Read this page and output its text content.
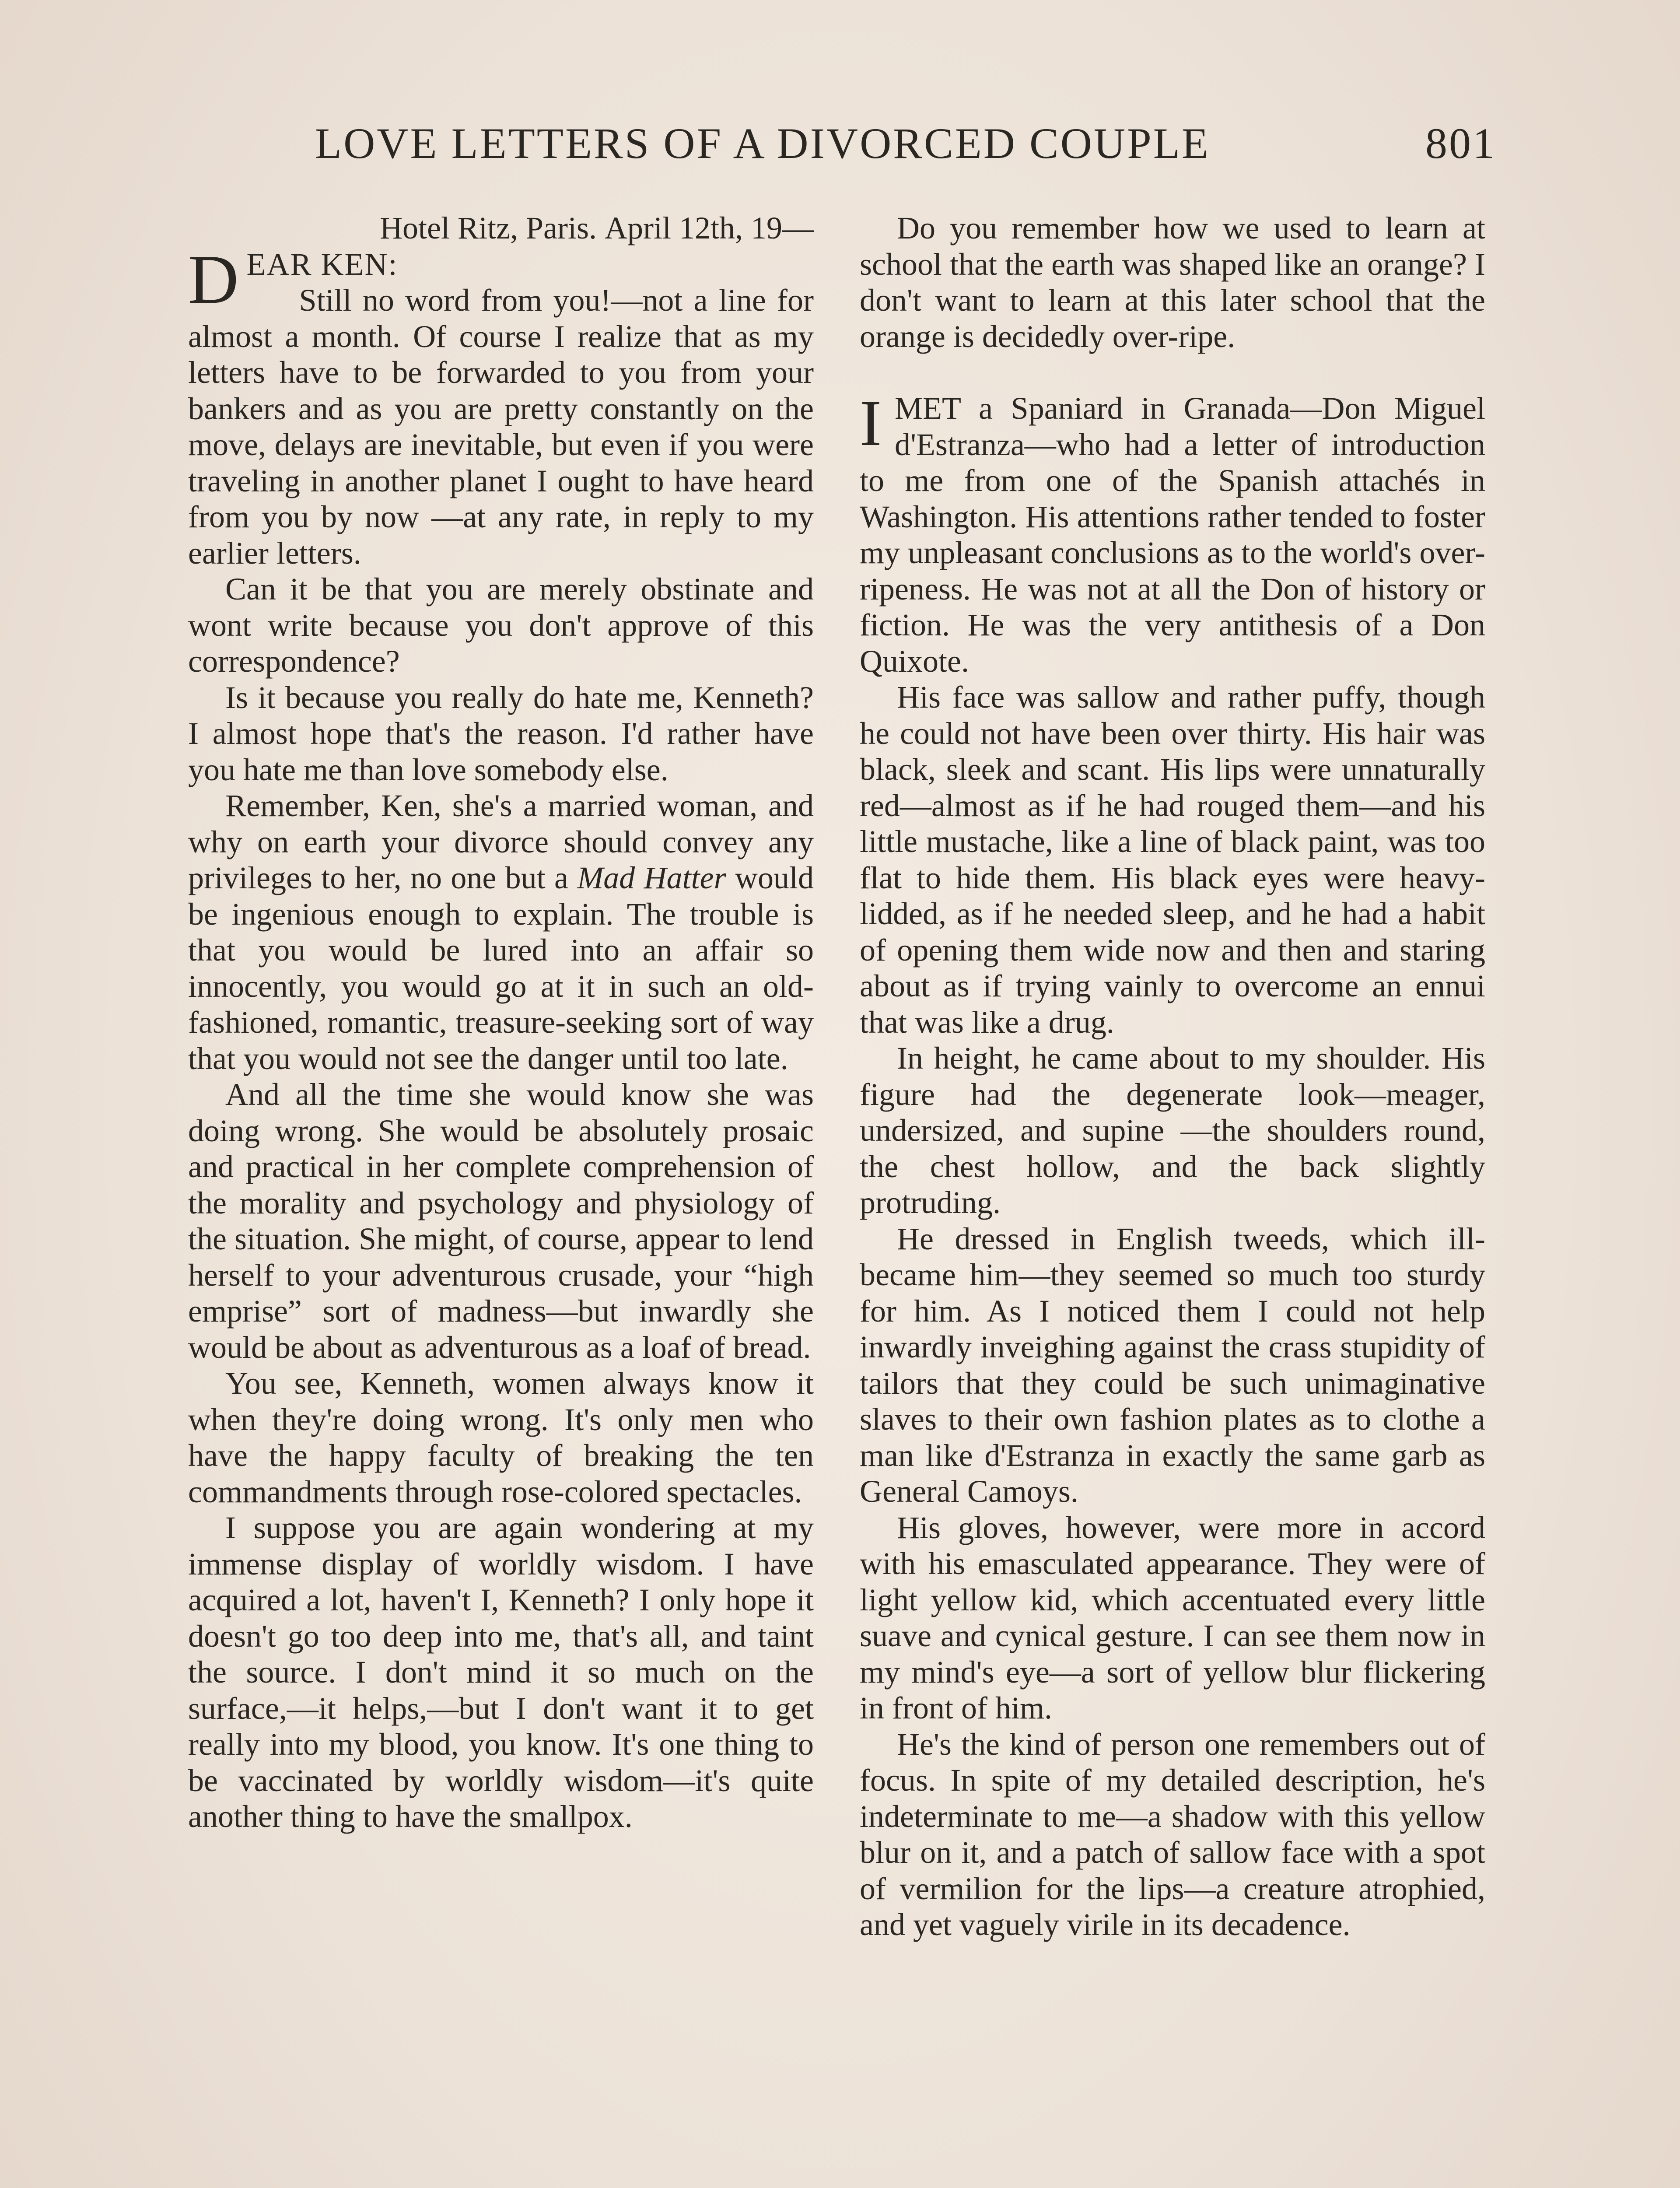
LOVE LETTERS OF A DIVORCED COUPLE	801
Hotel Ritz, Paris. April 12th, 19—

DEAR KEN:

Still no word from you!—not a line for almost a month. Of course I realize that as my letters have to be forwarded to you from your bankers and as you are pretty constantly on the move, delays are inevitable, but even if you were traveling in another planet I ought to have heard from you by now —at any rate, in reply to my earlier letters.

Can it be that you are merely obstinate and wont write because you don't approve of this correspondence?

Is it because you really do hate me, Kenneth? I almost hope that's the reason. I'd rather have you hate me than love somebody else.

Remember, Ken, she's a married woman, and why on earth your divorce should convey any privileges to her, no one but a Mad Hatter would be ingenious enough to explain. The trouble is that you would be lured into an affair so innocently, you would go at it in such an old-fashioned, romantic, treasure-seeking sort of way that you would not see the danger until too late.

And all the time she would know she was doing wrong. She would be absolutely prosaic and practical in her complete comprehension of the morality and psychology and physiology of the situation. She might, of course, appear to lend herself to your adventurous crusade, your “high emprise” sort of madness—but inwardly she would be about as adventurous as a loaf of bread.

You see, Kenneth, women always know it when they're doing wrong. It's only men who have the happy faculty of breaking the ten commandments through rose-colored spectacles.

I suppose you are again wondering at my immense display of worldly wisdom. I have acquired a lot, haven't I, Kenneth? I only hope it doesn't go too deep into me, that's all, and taint the source. I don't mind it so much on the surface,—it helps,—but I don't want it to get really into my blood, you know. It's one thing to be vaccinated by worldly wisdom—it's quite another thing to have the smallpox.

Do you remember how we used to learn at school that the earth was shaped like an orange? I don't want to learn at this later school that the orange is decidedly over-ripe.

IMET a Spaniard in Granada—Don Miguel d'Estranza—who had a letter of introduction to me from one of the Spanish attachés in Washington. His attentions rather tended to foster my unpleasant conclusions as to the world's over-ripeness. He was not at all the Don of history or fiction. He was the very antithesis of a Don Quixote.

His face was sallow and rather puffy, though he could not have been over thirty. His hair was black, sleek and scant. His lips were unnaturally red—almost as if he had rouged them—and his little mustache, like a line of black paint, was too flat to hide them. His black eyes were heavy-lidded, as if he needed sleep, and he had a habit of opening them wide now and then and staring about as if trying vainly to overcome an ennui that was like a drug.

In height, he came about to my shoulder. His figure had the degenerate look—meager, undersized, and supine —the shoulders round, the chest hollow, and the back slightly protruding.

He dressed in English tweeds, which ill-became him—they seemed so much too sturdy for him. As I noticed them I could not help inwardly inveighing against the crass stupidity of tailors that they could be such unimaginative slaves to their own fashion plates as to clothe a man like d'Estranza in exactly the same garb as General Camoys.

His gloves, however, were more in accord with his emasculated appearance. They were of light yellow kid, which accentuated every little suave and cynical gesture. I can see them now in my mind's eye—a sort of yellow blur flickering in front of him.

He's the kind of person one remembers out of focus. In spite of my detailed description, he's indeterminate to me—a shadow with this yellow blur on it, and a patch of sallow face with a spot of vermilion for the lips—a creature atrophied, and yet vaguely virile in its decadence.
